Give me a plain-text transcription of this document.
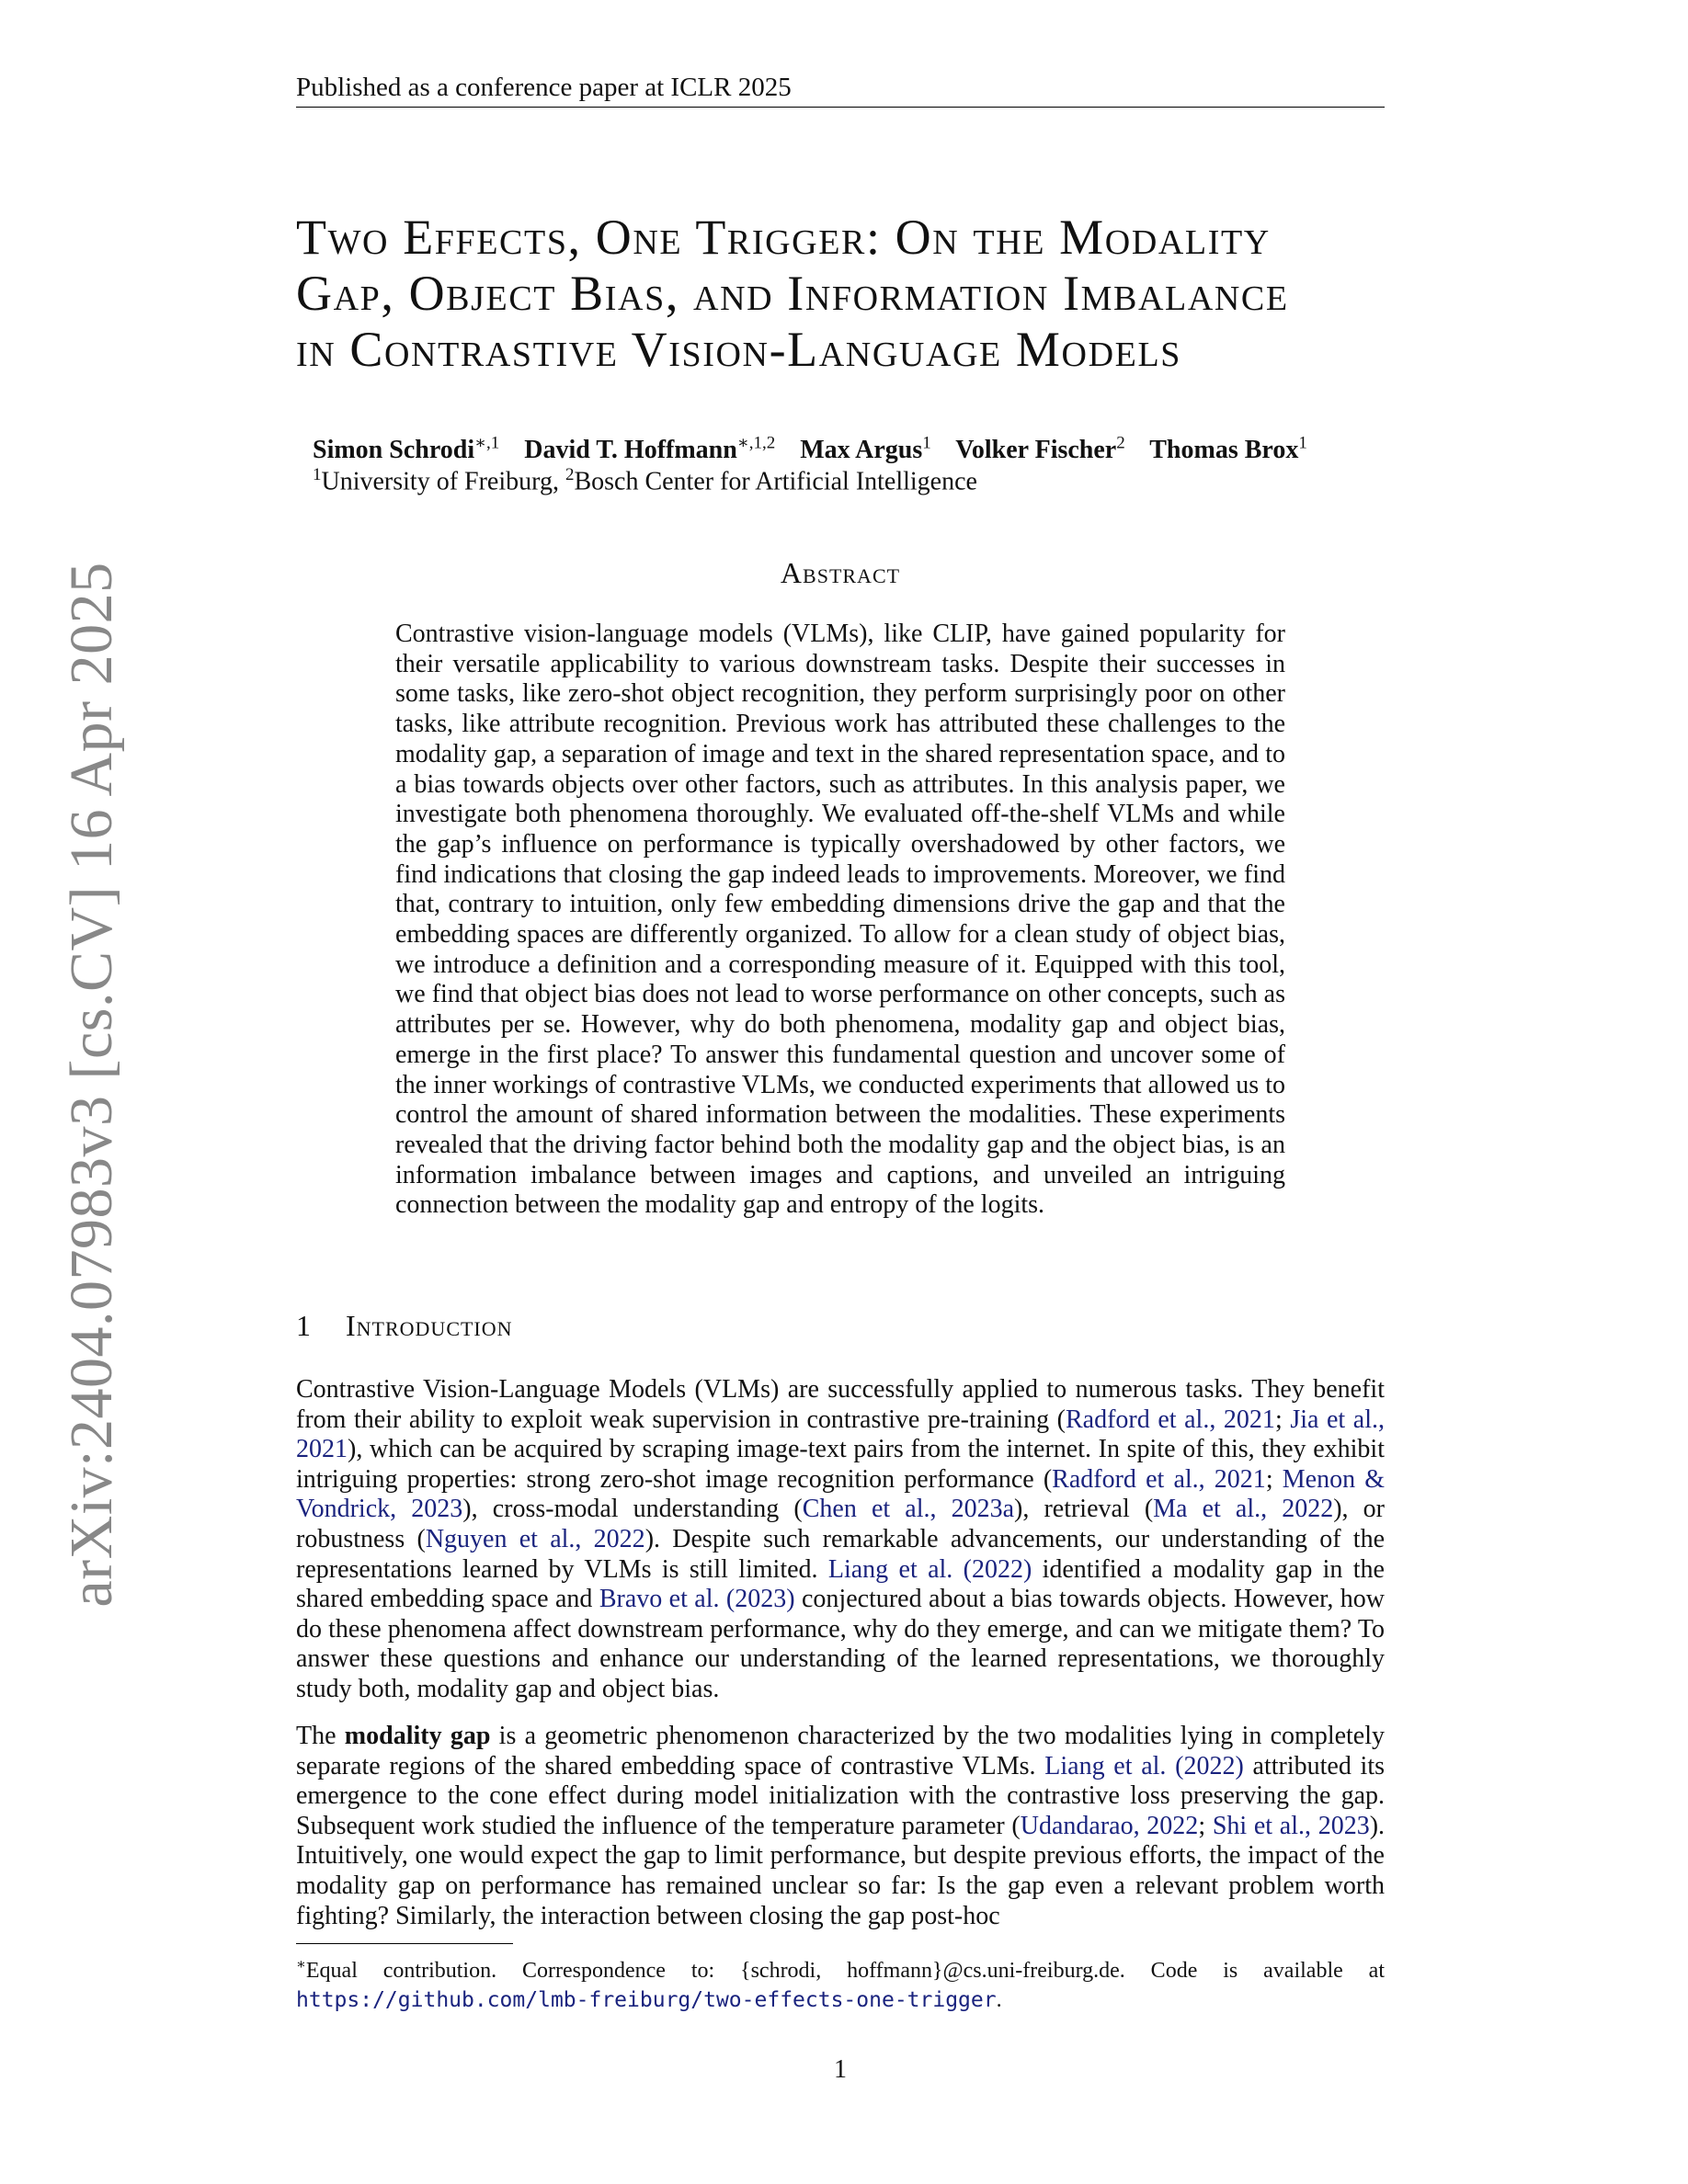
Published as a conference paper at ICLR 2025
arXiv:2404.07983v3 [cs.CV] 16 Apr 2025
Two Effects, One Trigger: On the Modality
Gap, Object Bias, and Information Imbalance
in Contrastive Vision-Language Models
Simon Schrodi$^{∗,1}$ David T. Hoffmann$^{∗,1,2}$ Max Argus$^1$ Volker Fischer$^2$ Thomas Brox$^1$
$^1$University of Freiburg, $^2$Bosch Center for Artificial Intelligence
Abstract
Contrastive vision-language models (VLMs), like CLIP, have gained popularity for their versatile applicability to various downstream tasks. Despite their successes in some tasks, like zero-shot object recognition, they perform surprisingly poor on other tasks, like attribute recognition. Previous work has attributed these challenges to the modality gap, a separation of image and text in the shared representation space, and to a bias towards objects over other factors, such as attributes. In this analysis paper, we investigate both phenomena thoroughly. We evaluated off-the-shelf VLMs and while the gap’s influence on performance is typically overshadowed by other factors, we find indications that closing the gap indeed leads to improvements. Moreover, we find that, contrary to intuition, only few embedding dimensions drive the gap and that the embedding spaces are differently organized. To allow for a clean study of object bias, we introduce a definition and a corresponding measure of it. Equipped with this tool, we find that object bias does not lead to worse performance on other concepts, such as attributes per se. However, why do both phenomena, modality gap and object bias, emerge in the first place? To answer this fundamental question and uncover some of the inner workings of contrastive VLMs, we conducted experiments that allowed us to control the amount of shared information between the modalities. These experiments revealed that the driving factor behind both the modality gap and the object bias, is an information imbalance between images and captions, and unveiled an intriguing connection between the modality gap and entropy of the logits.
1 Introduction
Contrastive Vision-Language Models (VLMs) are successfully applied to numerous tasks. They benefit from their ability to exploit weak supervision in contrastive pre-training (Radford et al., 2021; Jia et al., 2021), which can be acquired by scraping image-text pairs from the internet. In spite of this, they exhibit intriguing properties: strong zero-shot image recognition performance (Radford et al., 2021; Menon & Vondrick, 2023), cross-modal understanding (Chen et al., 2023a), retrieval (Ma et al., 2022), or robustness (Nguyen et al., 2022). Despite such remarkable advancements, our understanding of the representations learned by VLMs is still limited. Liang et al. (2022) identified a modality gap in the shared embedding space and Bravo et al. (2023) conjectured about a bias towards objects. However, how do these phenomena affect downstream performance, why do they emerge, and can we mitigate them? To answer these questions and enhance our understanding of the learned representations, we thoroughly study both, modality gap and object bias.
The modality gap is a geometric phenomenon characterized by the two modalities lying in completely separate regions of the shared embedding space of contrastive VLMs. Liang et al. (2022) attributed its emergence to the cone effect during model initialization with the contrastive loss preserving the gap. Subsequent work studied the influence of the temperature parameter (Udandarao, 2022; Shi et al., 2023). Intuitively, one would expect the gap to limit performance, but despite previous efforts, the impact of the modality gap on performance has remained unclear so far: Is the gap even a relevant problem worth fighting? Similarly, the interaction between closing the gap post-hoc
∗Equal contribution. Correspondence to: {schrodi, hoffmann}@cs.uni-freiburg.de. Code is available at https://github.com/lmb-freiburg/two-effects-one-trigger.
1
